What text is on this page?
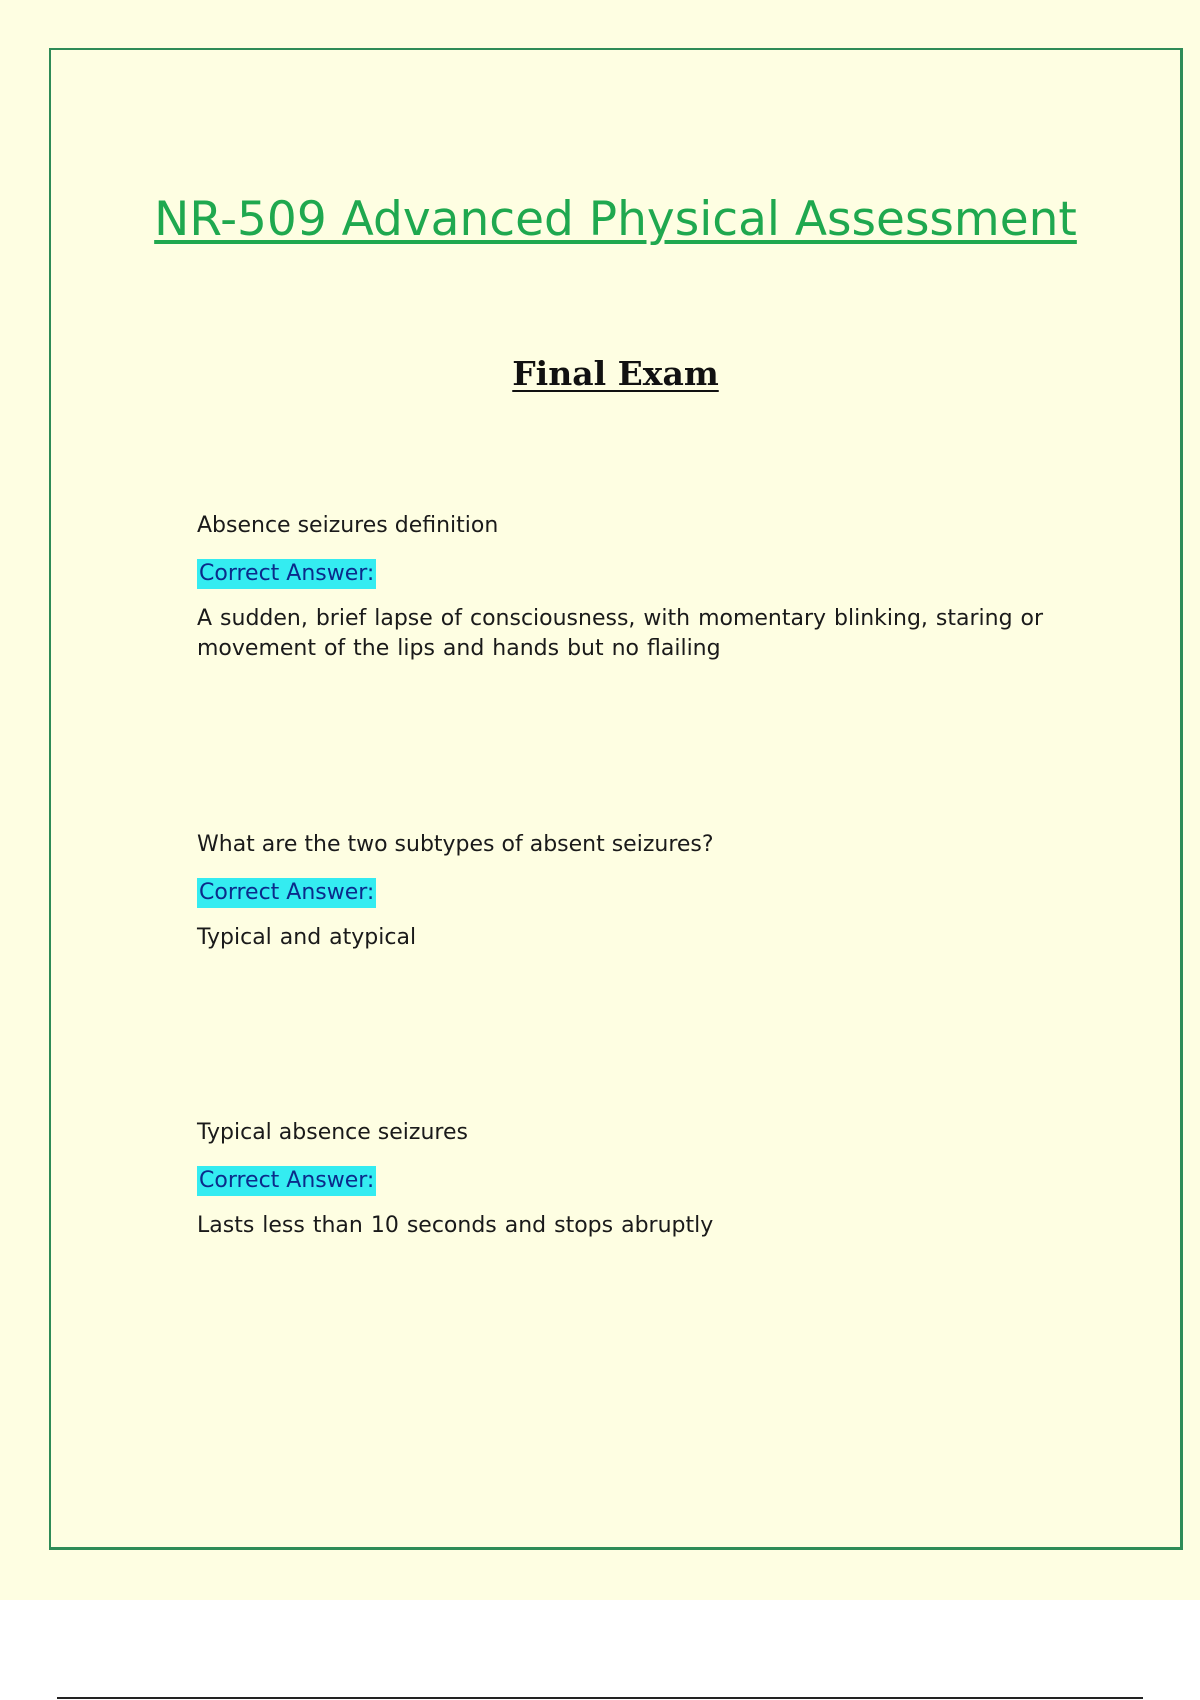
NR-509 Advanced Physical Assessment
Final Exam

Absence seizures definition

Correct Answer:

A sudden, brief lapse of consciousness, with momentary blinking, staring or movement of the lips and hands but no flailing

What are the two subtypes of absent seizures?

Correct Answer:

Typical and atypical

Typical absence seizures

Correct Answer:

Lasts less than 10 seconds and stops abruptly
